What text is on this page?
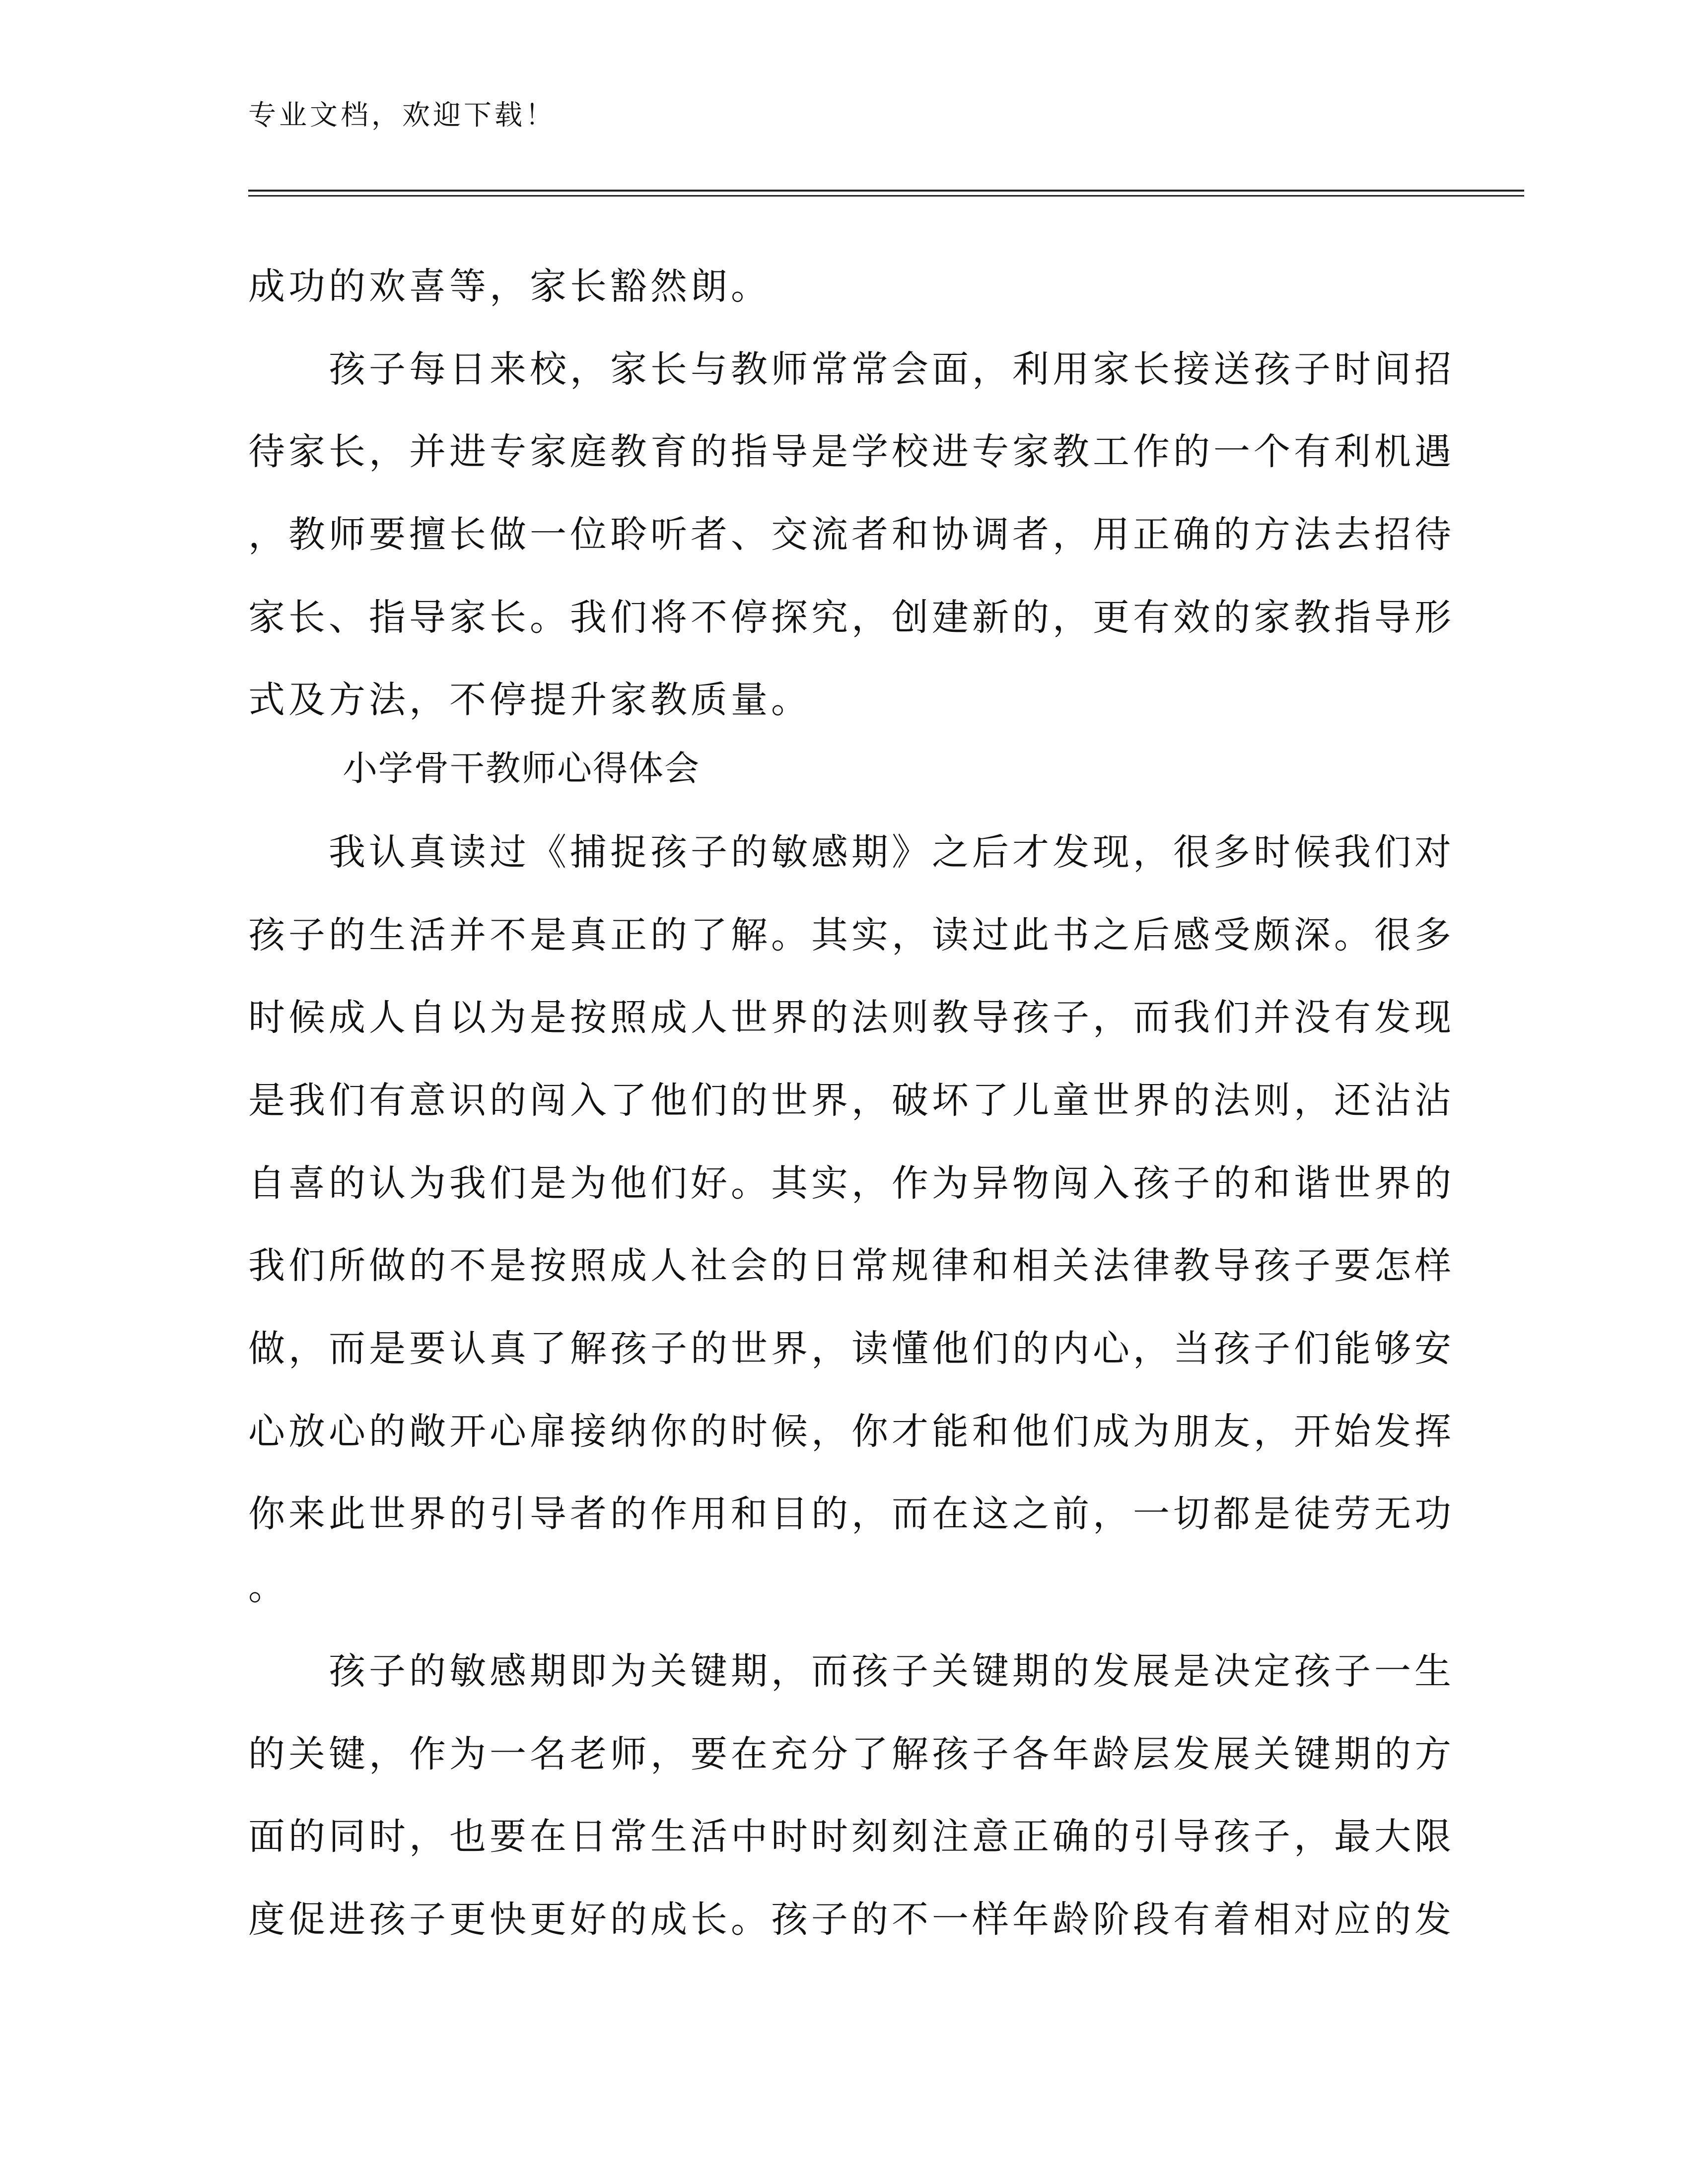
专业文档，欢迎下载！
成功的欢喜等，家长豁然朗。
　　孩子每日来校，家长与教师常常会面，利用家长接送孩子时间招
待家长，并进专家庭教育的指导是学校进专家教工作的一个有利机遇
，教师要擅长做一位聆听者、交流者和协调者，用正确的方法去招待
家长、指导家长。我们将不停探究，创建新的，更有效的家教指导形
式及方法，不停提升家教质量。
小学骨干教师心得体会
　　我认真读过《捕捉孩子的敏感期》之后才发现，很多时候我们对
孩子的生活并不是真正的了解。其实，读过此书之后感受颇深。很多
时候成人自以为是按照成人世界的法则教导孩子，而我们并没有发现
是我们有意识的闯入了他们的世界，破坏了儿童世界的法则，还沾沾
自喜的认为我们是为他们好。其实，作为异物闯入孩子的和谐世界的
我们所做的不是按照成人社会的日常规律和相关法律教导孩子要怎样
做，而是要认真了解孩子的世界，读懂他们的内心，当孩子们能够安
心放心的敞开心扉接纳你的时候，你才能和他们成为朋友，开始发挥
你来此世界的引导者的作用和目的，而在这之前，一切都是徒劳无功
。
　　孩子的敏感期即为关键期，而孩子关键期的发展是决定孩子一生
的关键，作为一名老师，要在充分了解孩子各年龄层发展关键期的方
面的同时，也要在日常生活中时时刻刻注意正确的引导孩子，最大限
度促进孩子更快更好的成长。孩子的不一样年龄阶段有着相对应的发
